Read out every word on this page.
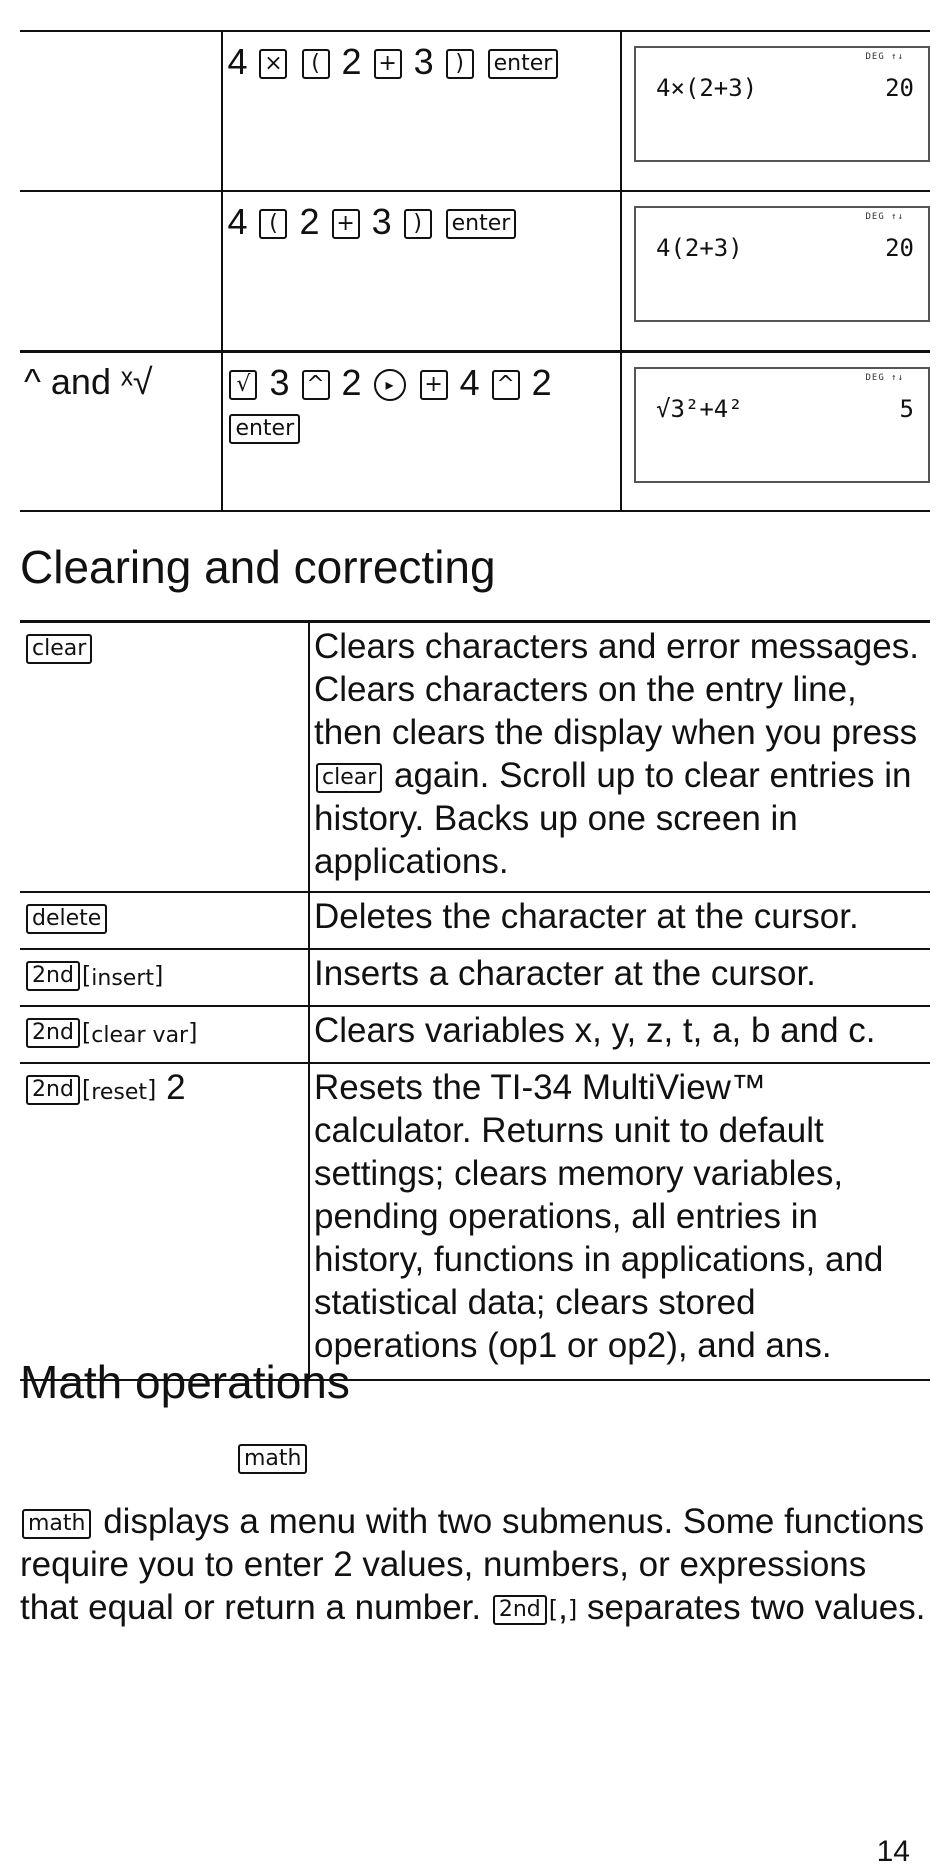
	4 × ( 2 + 3 ) enter	DEG ↑↓
4×(2+3) 20

	4 ( 2 + 3 ) enter	DEG ↑↓
4(2+3) 20

^ and ˣ√	√ 3 ^ 2 ▸ + 4 ^ 2
enter	DEG ↑↓
√3²+4² 5
Clearing and correcting
clear	Clears characters and error messages. Clears characters on the entry line, then clears the display when you press clear again. Scroll up to clear entries in history. Backs up one screen in applications.
delete	Deletes the character at the cursor.
2nd [insert]	Inserts a character at the cursor.
2nd [clear var]	Clears variables x, y, z, t, a, b and c.
2nd [reset] 2	Resets the TI-34 MultiView™ calculator. Returns unit to default settings; clears memory variables, pending operations, all entries in history, functions in applications, and statistical data; clears stored operations (op1 or op2), and ans.
Math operations
math

math displays a menu with two submenus. Some functions require you to enter 2 values, numbers, or expressions that equal or return a number. 2nd [,] separates two values.

14
